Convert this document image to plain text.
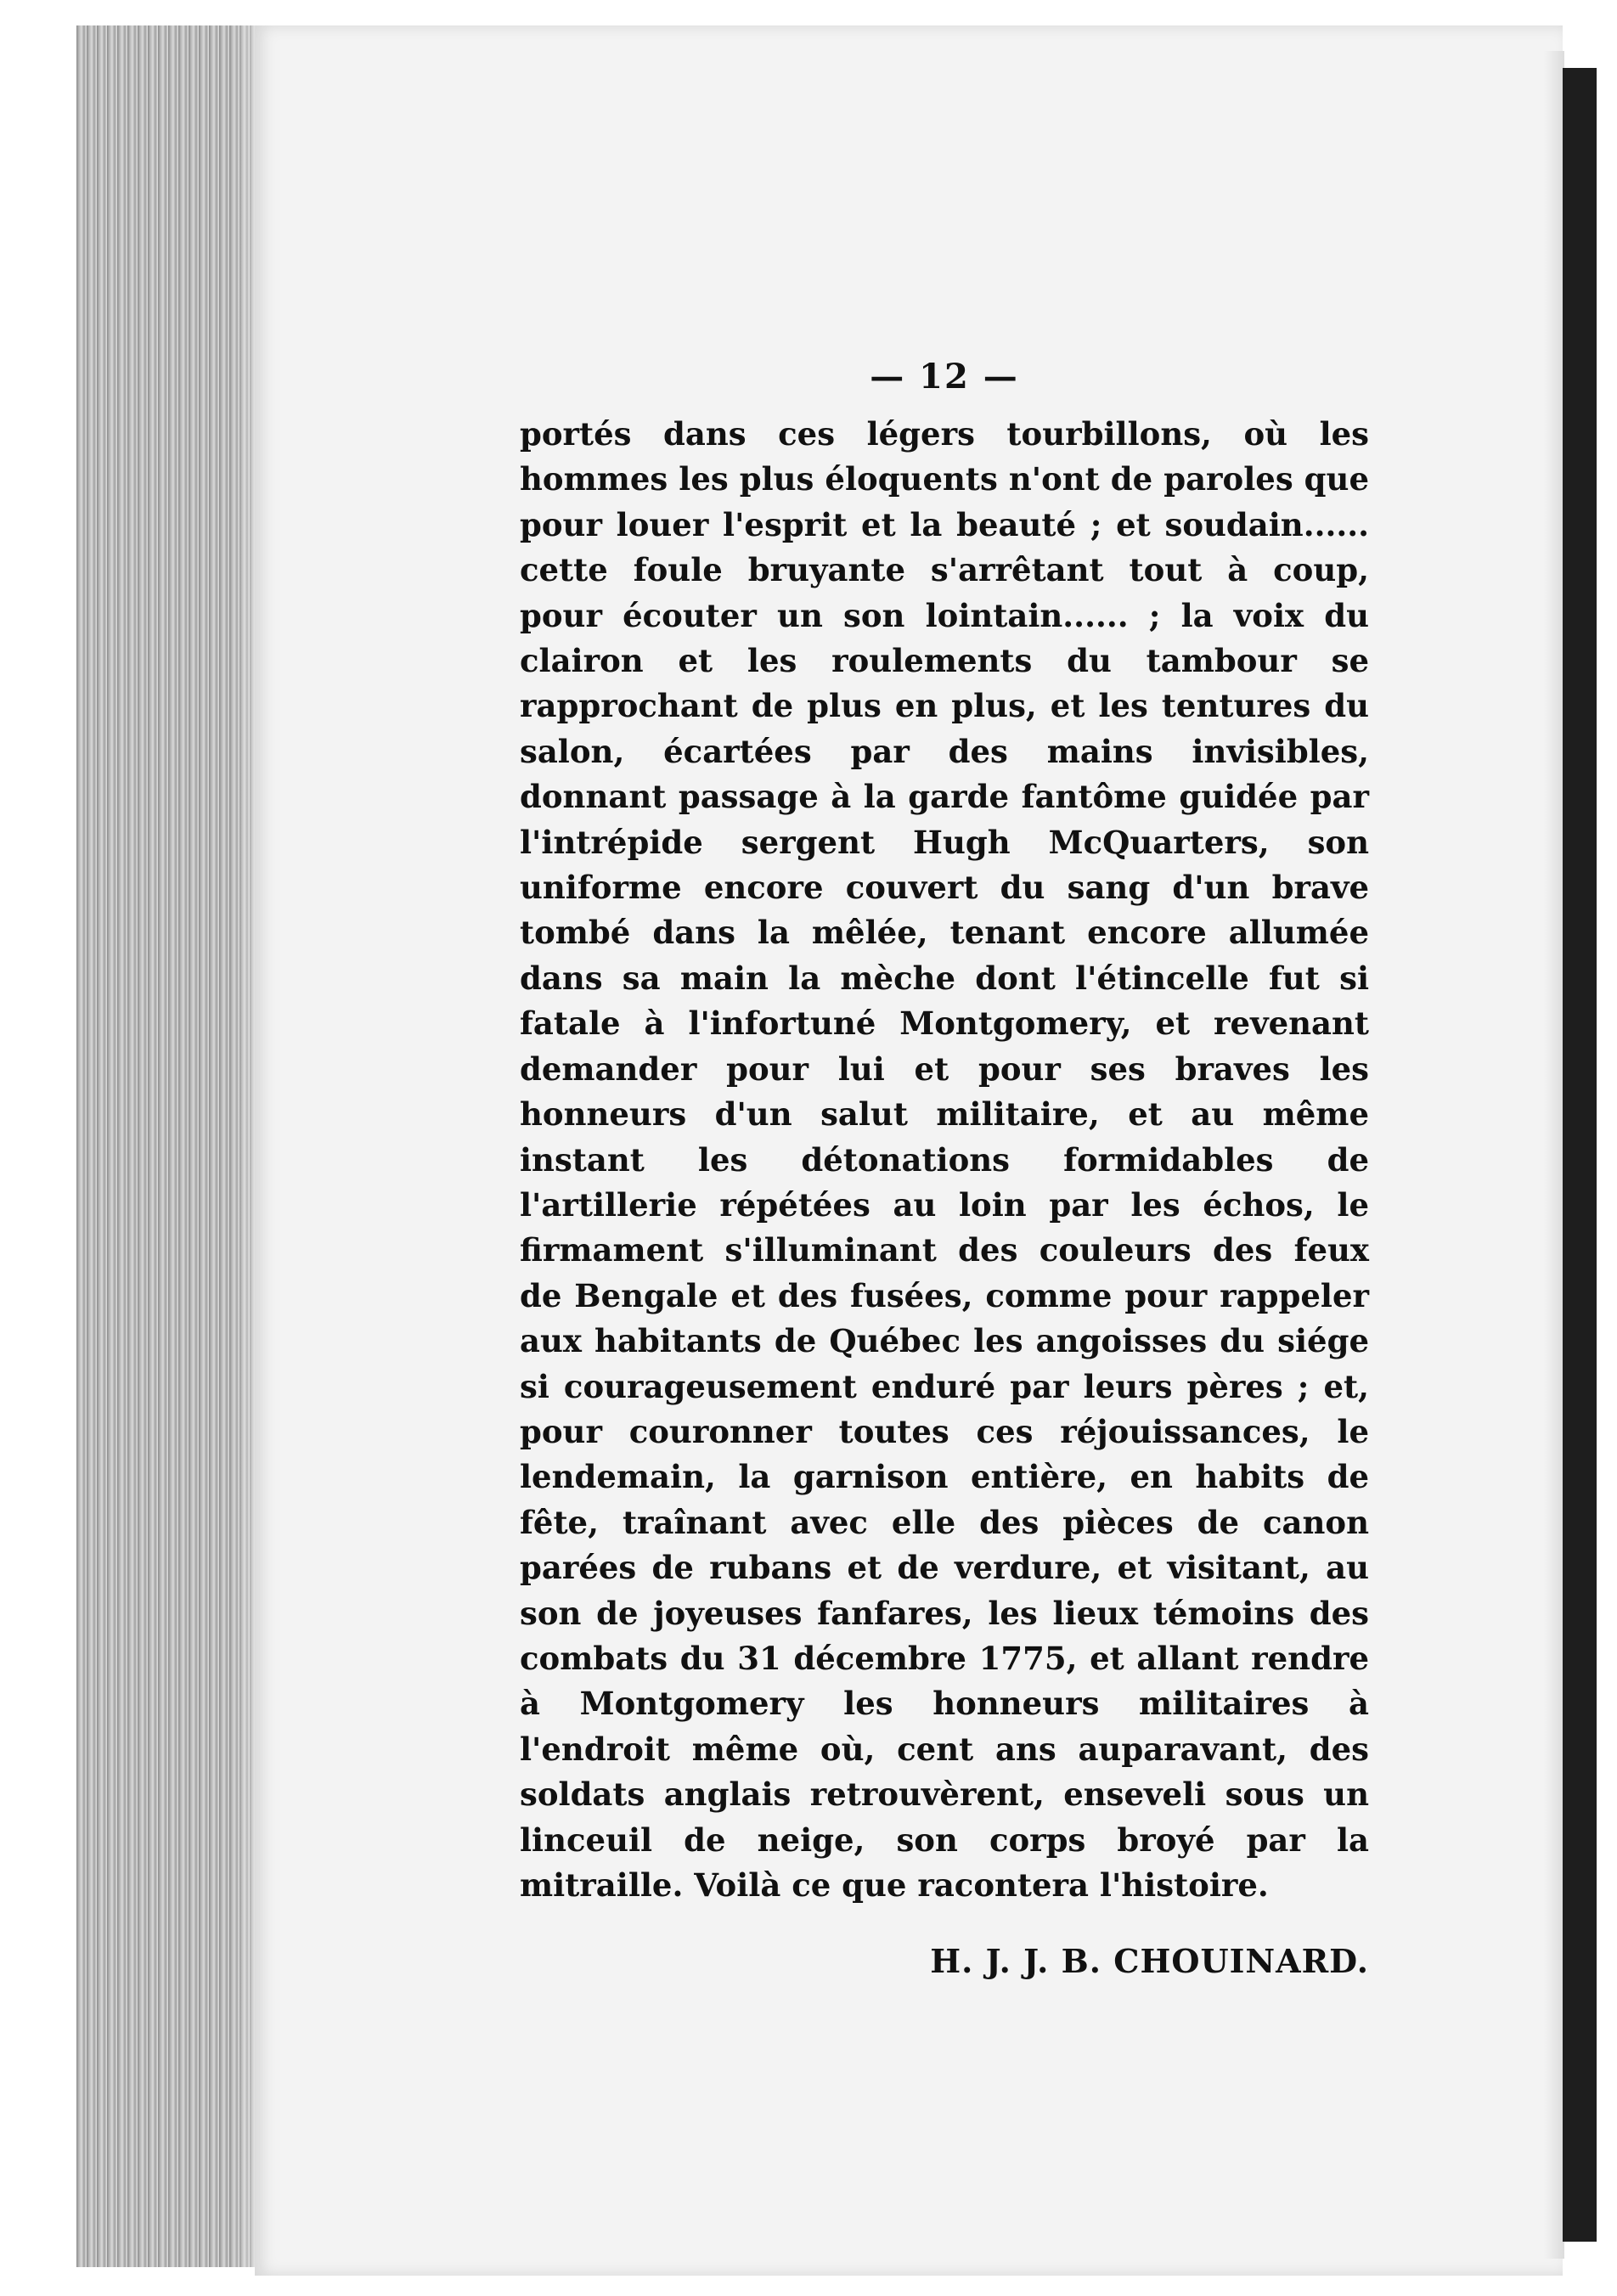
— 12 —

portés dans ces légers tourbillons, où les hommes les plus éloquents n'ont de paroles que pour louer l'esprit et la beauté ; et soudain...... cette foule bruyante s'arrêtant tout à coup, pour écouter un son lointain...... ; la voix du clairon et les roulements du tambour se rapprochant de plus en plus, et les tentures du salon, écartées par des mains invisibles, donnant passage à la garde fantôme guidée par l'intrépide sergent Hugh McQuarters, son uniforme encore couvert du sang d'un brave tombé dans la mêlée, tenant encore allumée dans sa main la mèche dont l'étincelle fut si fatale à l'infortuné Montgomery, et revenant demander pour lui et pour ses braves les honneurs d'un salut militaire, et au même instant les détonations formidables de l'artillerie répétées au loin par les échos, le firmament s'illuminant des couleurs des feux de Bengale et des fusées, comme pour rappeler aux habitants de Québec les angoisses du siége si courageusement enduré par leurs pères ; et, pour couronner toutes ces réjouissances, le lendemain, la garnison entière, en habits de fête, traînant avec elle des pièces de canon parées de rubans et de verdure, et visitant, au son de joyeuses fanfares, les lieux témoins des combats du 31 décembre 1775, et allant rendre à Montgomery les honneurs militaires à l'endroit même où, cent ans auparavant, des soldats anglais retrouvèrent, enseveli sous un linceuil de neige, son corps broyé par la mitraille. Voilà ce que racontera l'histoire.

H. J. J. B. CHOUINARD.
